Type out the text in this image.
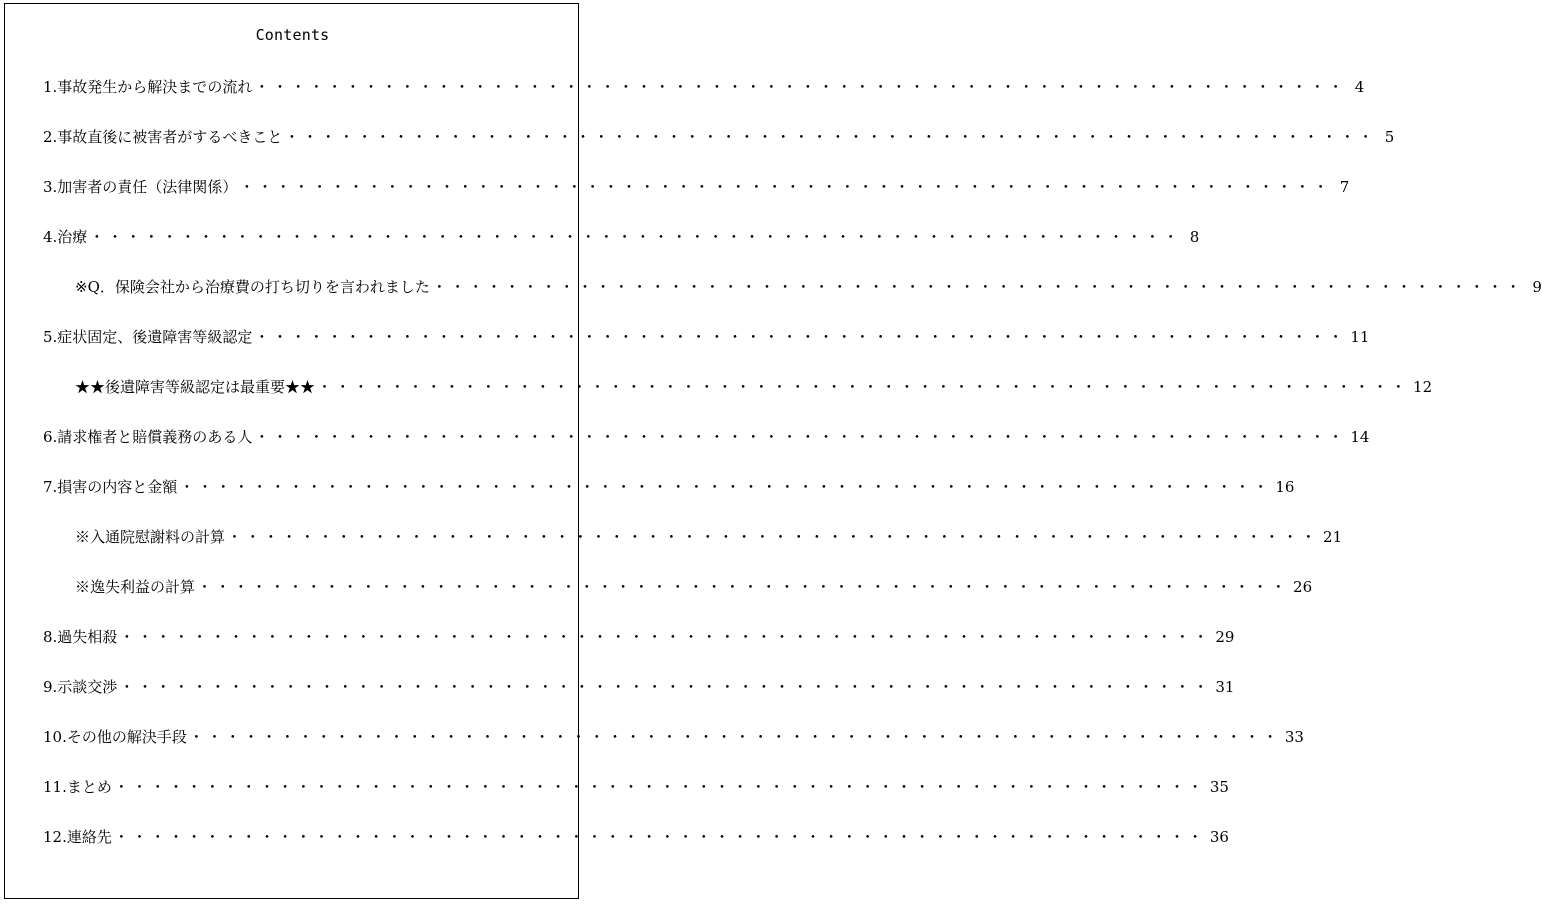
Contents
1.事故発生から解決までの流れ ・・・・・・・・・・・・・・・・・・・・・・・・・・・・・・・・・・・・・・・・・・・・・・・・・・・・・・・・・・・・ 4
2.事故直後に被害者がするべきこと ・・・・・・・・・・・・・・・・・・・・・・・・・・・・・・・・・・・・・・・・・・・・・・・・・・・・・・・・・・・・ 5
3.加害者の責任（法律関係） ・・・・・・・・・・・・・・・・・・・・・・・・・・・・・・・・・・・・・・・・・・・・・・・・・・・・・・・・・・・・ 7
4.治療 ・・・・・・・・・・・・・・・・・・・・・・・・・・・・・・・・・・・・・・・・・・・・・・・・・・・・・・・・・・・・ 8
※Q．保険会社から治療費の打ち切りを言われました ・・・・・・・・・・・・・・・・・・・・・・・・・・・・・・・・・・・・・・・・・・・・・・・・・・・・・・・・・・・・ 9
5.症状固定、後遺障害等級認定 ・・・・・・・・・・・・・・・・・・・・・・・・・・・・・・・・・・・・・・・・・・・・・・・・・・・・・・・・・・・・ 11
★★後遺障害等級認定は最重要★★ ・・・・・・・・・・・・・・・・・・・・・・・・・・・・・・・・・・・・・・・・・・・・・・・・・・・・・・・・・・・・ 12
6.請求権者と賠償義務のある人 ・・・・・・・・・・・・・・・・・・・・・・・・・・・・・・・・・・・・・・・・・・・・・・・・・・・・・・・・・・・・ 14
7.損害の内容と金額 ・・・・・・・・・・・・・・・・・・・・・・・・・・・・・・・・・・・・・・・・・・・・・・・・・・・・・・・・・・・・ 16
※入通院慰謝料の計算 ・・・・・・・・・・・・・・・・・・・・・・・・・・・・・・・・・・・・・・・・・・・・・・・・・・・・・・・・・・・・ 21
※逸失利益の計算 ・・・・・・・・・・・・・・・・・・・・・・・・・・・・・・・・・・・・・・・・・・・・・・・・・・・・・・・・・・・・ 26
8.過失相殺 ・・・・・・・・・・・・・・・・・・・・・・・・・・・・・・・・・・・・・・・・・・・・・・・・・・・・・・・・・・・・ 29
9.示談交渉 ・・・・・・・・・・・・・・・・・・・・・・・・・・・・・・・・・・・・・・・・・・・・・・・・・・・・・・・・・・・・ 31
10.その他の解決手段 ・・・・・・・・・・・・・・・・・・・・・・・・・・・・・・・・・・・・・・・・・・・・・・・・・・・・・・・・・・・・ 33
11.まとめ ・・・・・・・・・・・・・・・・・・・・・・・・・・・・・・・・・・・・・・・・・・・・・・・・・・・・・・・・・・・・ 35
12.連絡先 ・・・・・・・・・・・・・・・・・・・・・・・・・・・・・・・・・・・・・・・・・・・・・・・・・・・・・・・・・・・・ 36
